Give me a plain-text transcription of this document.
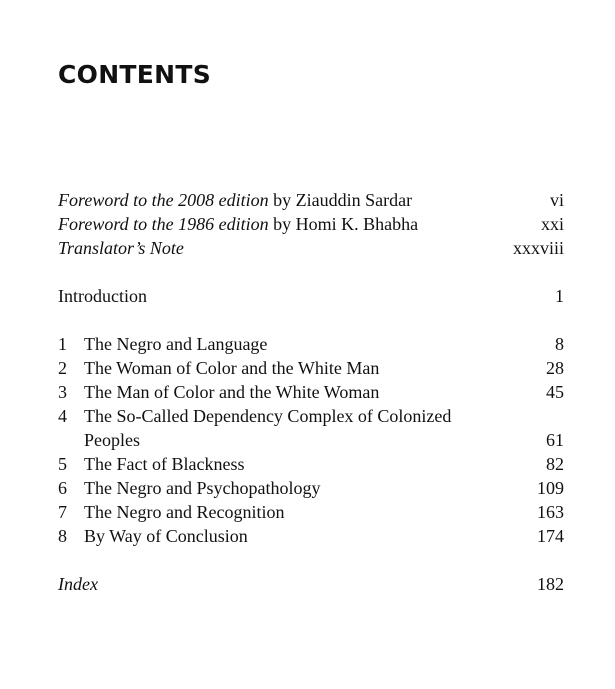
CONTENTS
Foreword to the 2008 edition by Ziauddin Sardar	vi
Foreword to the 1986 edition by Homi K. Bhabha	xxi
Translator’s Note	xxxviii
Introduction	1
1 The Negro and Language	8
2 The Woman of Color and the White Man	28
3 The Man of Color and the White Woman	45
4 The So-Called Dependency Complex of Colonized
Peoples	61
5 The Fact of Blackness	82
6 The Negro and Psychopathology	109
7 The Negro and Recognition	163
8 By Way of Conclusion	174
Index	182
